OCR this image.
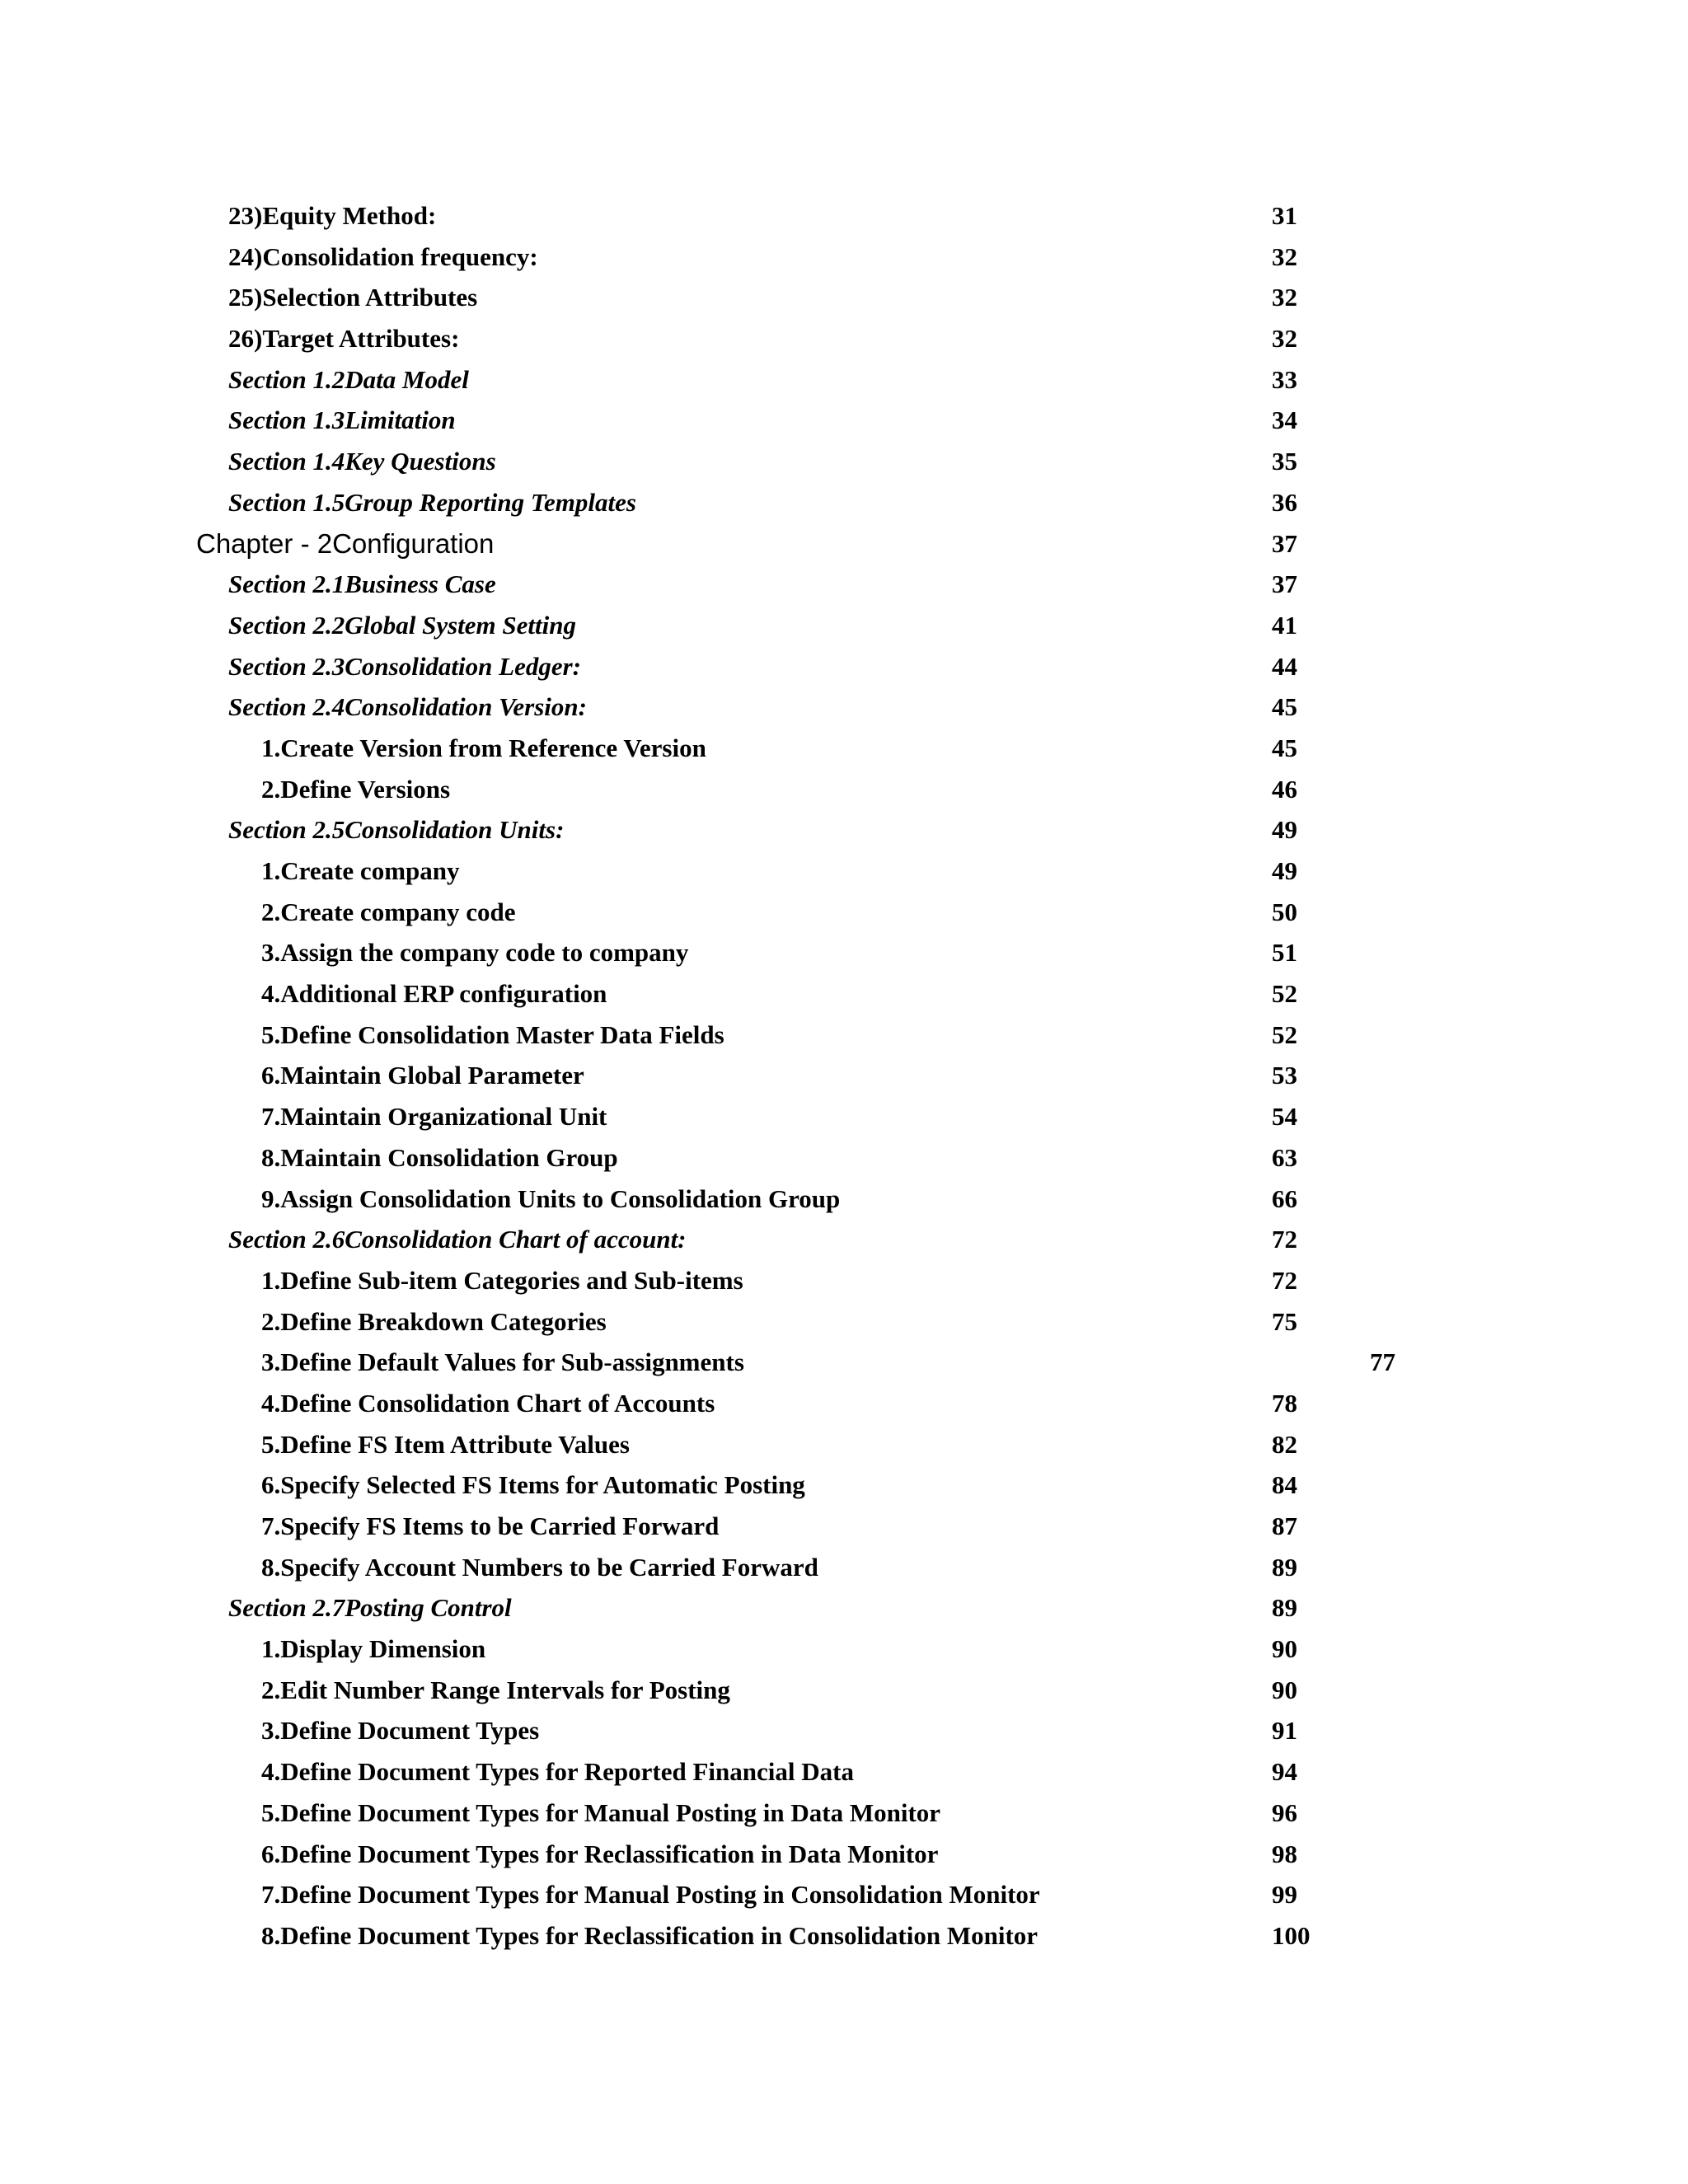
23)Equity Method:	31
24)Consolidation frequency:	32
25)Selection Attributes	32
26)Target Attributes:	32
Section 1.2Data Model	33
Section 1.3Limitation	34
Section 1.4Key Questions	35
Section 1.5Group Reporting Templates	36
Chapter - 2Configuration	37
Section 2.1Business Case	37
Section 2.2Global System Setting	41
Section 2.3Consolidation Ledger:	44
Section 2.4Consolidation Version:	45
1.Create Version from Reference Version	45
2.Define Versions	46
Section 2.5Consolidation Units:	49
1.Create company	49
2.Create company code	50
3.Assign the company code to company	51
4.Additional ERP configuration	52
5.Define Consolidation Master Data Fields	52
6.Maintain Global Parameter	53
7.Maintain Organizational Unit	54
8.Maintain Consolidation Group	63
9.Assign Consolidation Units to Consolidation Group	66
Section 2.6Consolidation Chart of account:	72
1.Define Sub-item Categories and Sub-items	72
2.Define Breakdown Categories	75
3.Define Default Values for Sub-assignments	77
4.Define Consolidation Chart of Accounts	78
5.Define FS Item Attribute Values	82
6.Specify Selected FS Items for Automatic Posting	84
7.Specify FS Items to be Carried Forward	87
8.Specify Account Numbers to be Carried Forward	89
Section 2.7Posting Control	89
1.Display Dimension	90
2.Edit Number Range Intervals for Posting	90
3.Define Document Types	91
4.Define Document Types for Reported Financial Data	94
5.Define Document Types for Manual Posting in Data Monitor	96
6.Define Document Types for Reclassification in Data Monitor	98
7.Define Document Types for Manual Posting in Consolidation Monitor	99
8.Define Document Types for Reclassification in Consolidation Monitor	100
